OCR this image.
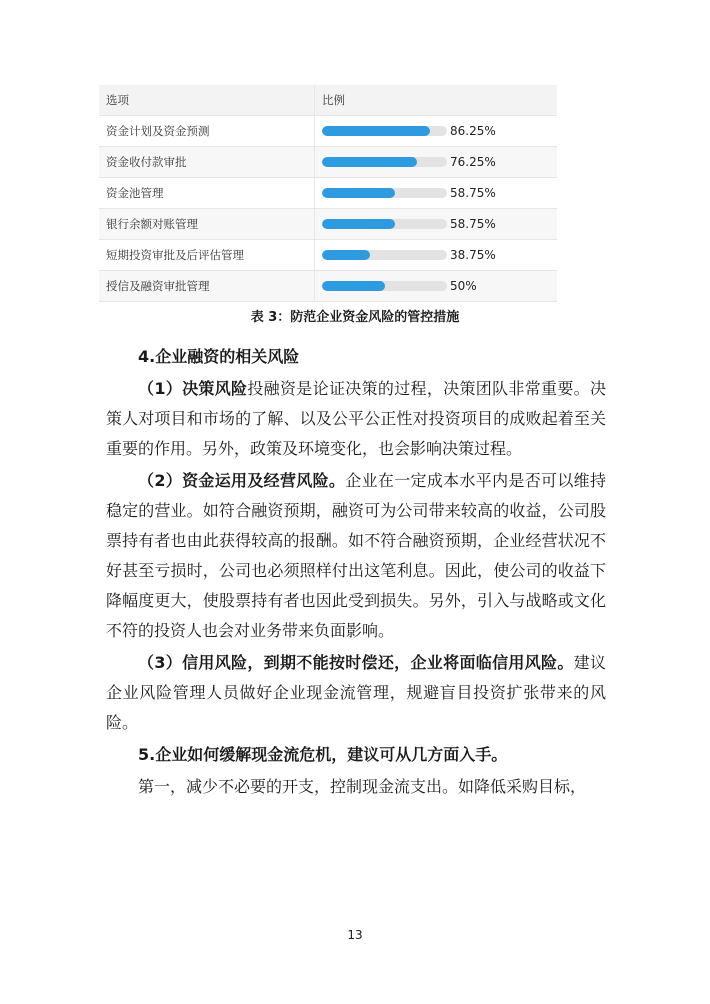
选项	比例
资金计划及资金预测	86.25%

资金收付款审批	76.25%

资金池管理	58.75%

银行余额对账管理	58.75%

短期投资审批及后评估管理	38.75%

授信及融资审批管理	50%
表 3：防范企业资金风险的管控措施

4.企业融资的相关风险

（1）决策风险投融资是论证决策的过程，决策团队非常重要。决策人对项目和市场的了解、以及公平公正性对投资项目的成败起着至关重要的作用。另外，政策及环境变化，也会影响决策过程。

（2）资金运用及经营风险。企业在一定成本水平内是否可以维持稳定的营业。如符合融资预期，融资可为公司带来较高的收益，公司股票持有者也由此获得较高的报酬。如不符合融资预期，企业经营状况不好甚至亏损时，公司也必须照样付出这笔利息。因此，使公司的收益下降幅度更大，使股票持有者也因此受到损失。另外，引入与战略或文化不符的投资人也会对业务带来负面影响。

（3）信用风险，到期不能按时偿还，企业将面临信用风险。建议企业风险管理人员做好企业现金流管理，规避盲目投资扩张带来的风险。

5.企业如何缓解现金流危机，建议可从几方面入手。

第一，减少不必要的开支，控制现金流支出。如降低采购目标，

13
